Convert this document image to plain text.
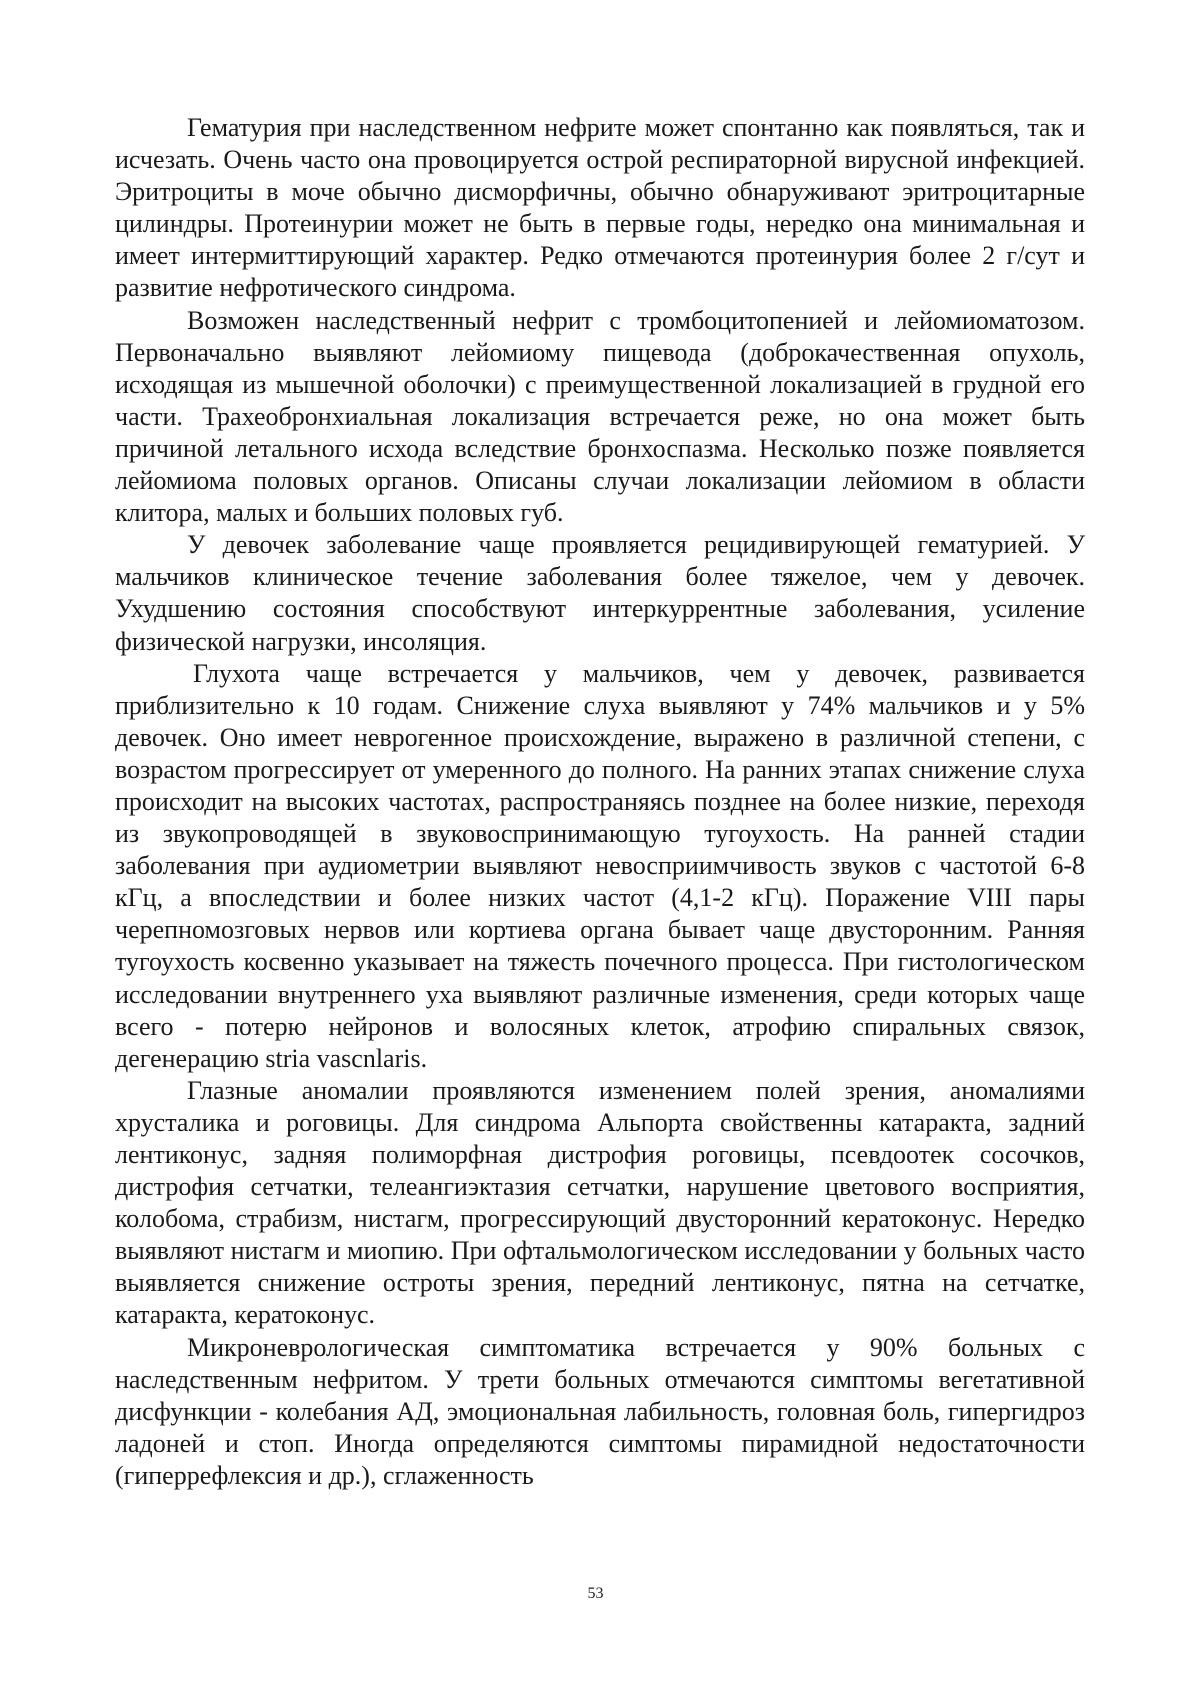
Гематурия при наследственном нефрите может спонтанно как появляться, так и исчезать. Очень часто она провоцируется острой респираторной вирусной инфекцией. Эритроциты в моче обычно дисморфичны, обычно обнаруживают эритроцитарные цилиндры. Протеинурии может не быть в первые годы, нередко она минимальная и имеет интермиттирующий характер. Редко отмечаются протеинурия более 2 г/сут и развитие нефротического синдрома.

Возможен наследственный нефрит с тромбоцитопенией и лейомиоматозом. Первоначально выявляют лейомиому пищевода (доброкачественная опухоль, исходящая из мышечной оболочки) с преимущественной локализацией в грудной его части. Трахеобронхиальная локализация встречается реже, но она может быть причиной летального исхода вследствие бронхоспазма. Несколько позже появляется лейомиома половых органов. Описаны случаи локализации лейомиом в области клитора, малых и больших половых губ.

У девочек заболевание чаще проявляется рецидивирующей гематурией. У мальчиков клиническое течение заболевания более тяжелое, чем у девочек. Ухудшению состояния способствуют интеркуррентные заболевания, усиление физической нагрузки, инсоляция.

Глухота чаще встречается у мальчиков, чем у девочек, развивается приблизительно к 10 годам. Снижение слуха выявляют у 74% мальчиков и у 5% девочек. Оно имеет неврогенное происхождение, выражено в различной степени, с возрастом прогрессирует от умеренного до полного. На ранних этапах снижение слуха происходит на высоких частотах, распространяясь позднее на более низкие, переходя из звукопроводящей в звуковоспринимающую тугоухость. На ранней стадии заболевания при аудиометрии выявляют невосприимчивость звуков с частотой 6-8 кГц, а впоследствии и более низких частот (4,1-2 кГц). Поражение VIII пары черепномозговых нервов или кортиева органа бывает чаще двусторонним. Ранняя тугоухость косвенно указывает на тяжесть почечного процесса. При гистологическом исследовании внутреннего уха выявляют различные изменения, среди которых чаще всего - потерю нейронов и волосяных клеток, атрофию спиральных связок, дегенерацию stria vascnlaris.

Глазные аномалии проявляются изменением полей зрения, аномалиями хрусталика и роговицы. Для синдрома Альпорта свойственны катаракта, задний лентиконус, задняя полиморфная дистрофия роговицы, псевдоотек сосочков, дистрофия сетчатки, телеангиэктазия сетчатки, нарушение цветового восприятия, колобома, страбизм, нистагм, прогрессирующий двусторонний кератоконус. Нередко выявляют нистагм и миопию. При офтальмологическом исследовании у больных часто выявляется снижение остроты зрения, передний лентиконус, пятна на сетчатке, катаракта, кератоконус.

Микроневрологическая симптоматика встречается у 90% больных с наследственным нефритом. У трети больных отмечаются симптомы вегетативной дисфункции - колебания АД, эмоциональная лабильность, головная боль, гипергидроз ладоней и стоп. Иногда определяются симптомы пирамидной недостаточности (гиперрефлексия и др.), сглаженность

53
